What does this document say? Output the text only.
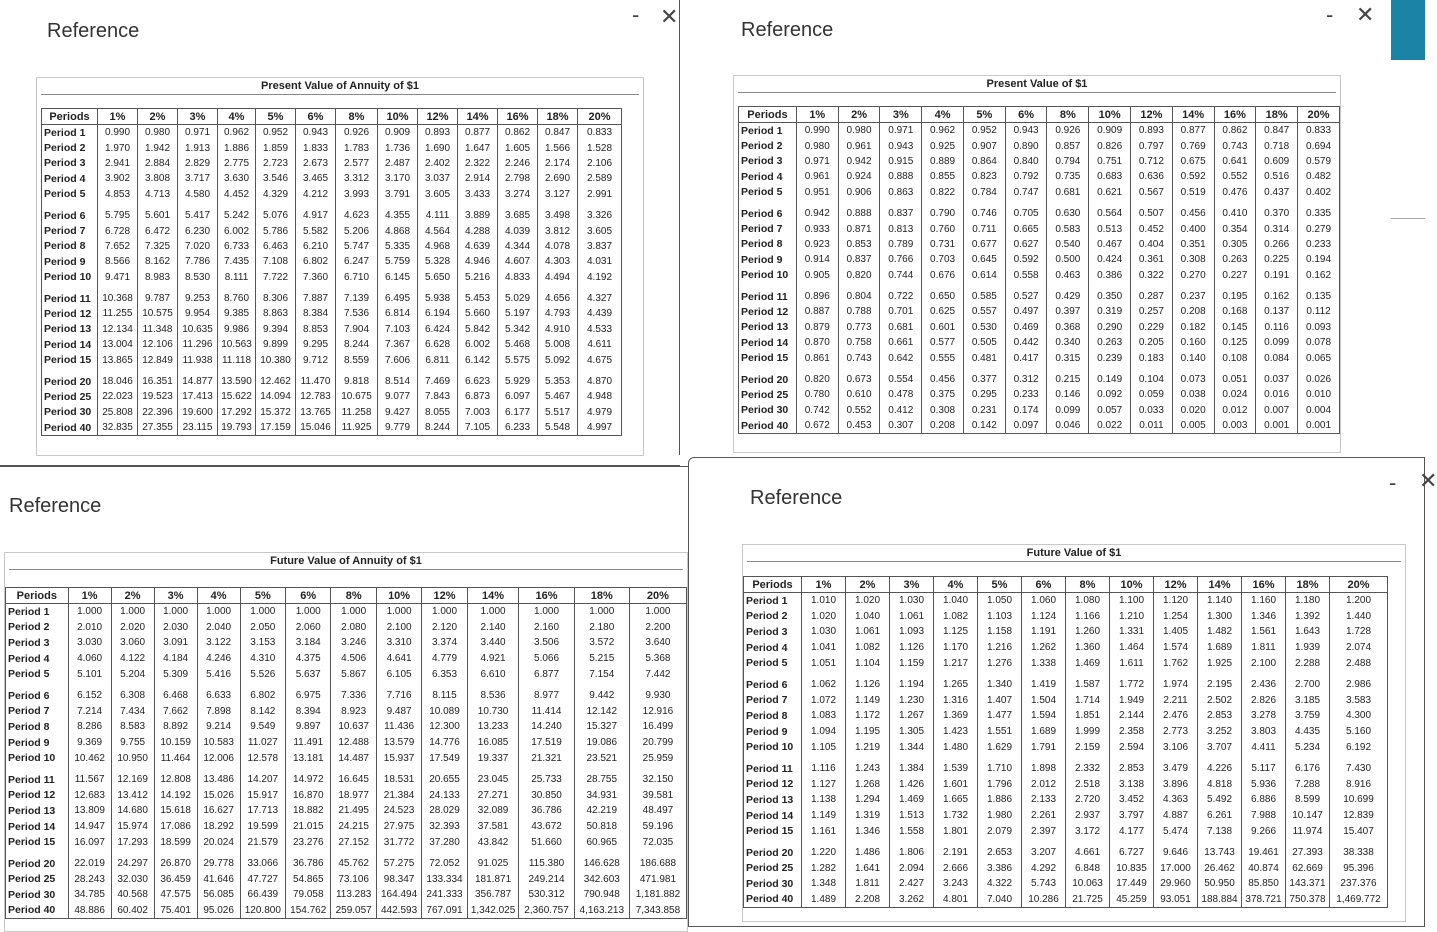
Reference
- ✕
Present Value of Annuity of $1
Periods	1%	2%	3%	4%	5%	6%	8%	10%	12%	14%	16%	18%	20%
Period 1	0.990	0.980	0.971	0.962	0.952	0.943	0.926	0.909	0.893	0.877	0.862	0.847	0.833
Period 2	1.970	1.942	1.913	1.886	1.859	1.833	1.783	1.736	1.690	1.647	1.605	1.566	1.528
Period 3	2.941	2.884	2.829	2.775	2.723	2.673	2.577	2.487	2.402	2.322	2.246	2.174	2.106
Period 4	3.902	3.808	3.717	3.630	3.546	3.465	3.312	3.170	3.037	2.914	2.798	2.690	2.589
Period 5	4.853	4.713	4.580	4.452	4.329	4.212	3.993	3.791	3.605	3.433	3.274	3.127	2.991
Period 6	5.795	5.601	5.417	5.242	5.076	4.917	4.623	4.355	4.111	3.889	3.685	3.498	3.326
Period 7	6.728	6.472	6.230	6.002	5.786	5.582	5.206	4.868	4.564	4.288	4.039	3.812	3.605
Period 8	7.652	7.325	7.020	6.733	6.463	6.210	5.747	5.335	4.968	4.639	4.344	4.078	3.837
Period 9	8.566	8.162	7.786	7.435	7.108	6.802	6.247	5.759	5.328	4.946	4.607	4.303	4.031
Period 10	9.471	8.983	8.530	8.111	7.722	7.360	6.710	6.145	5.650	5.216	4.833	4.494	4.192
Period 11	10.368	9.787	9.253	8.760	8.306	7.887	7.139	6.495	5.938	5.453	5.029	4.656	4.327
Period 12	11.255	10.575	9.954	9.385	8.863	8.384	7.536	6.814	6.194	5.660	5.197	4.793	4.439
Period 13	12.134	11.348	10.635	9.986	9.394	8.853	7.904	7.103	6.424	5.842	5.342	4.910	4.533
Period 14	13.004	12.106	11.296	10.563	9.899	9.295	8.244	7.367	6.628	6.002	5.468	5.008	4.611
Period 15	13.865	12.849	11.938	11.118	10.380	9.712	8.559	7.606	6.811	6.142	5.575	5.092	4.675
Period 20	18.046	16.351	14.877	13.590	12.462	11.470	9.818	8.514	7.469	6.623	5.929	5.353	4.870
Period 25	22.023	19.523	17.413	15.622	14.094	12.783	10.675	9.077	7.843	6.873	6.097	5.467	4.948
Period 30	25.808	22.396	19.600	17.292	15.372	13.765	11.258	9.427	8.055	7.003	6.177	5.517	4.979
Period 40	32.835	27.355	23.115	19.793	17.159	15.046	11.925	9.779	8.244	7.105	6.233	5.548	4.997
Reference
- ✕
Present Value of $1
Periods	1%	2%	3%	4%	5%	6%	8%	10%	12%	14%	16%	18%	20%
Period 1	0.990	0.980	0.971	0.962	0.952	0.943	0.926	0.909	0.893	0.877	0.862	0.847	0.833
Period 2	0.980	0.961	0.943	0.925	0.907	0.890	0.857	0.826	0.797	0.769	0.743	0.718	0.694
Period 3	0.971	0.942	0.915	0.889	0.864	0.840	0.794	0.751	0.712	0.675	0.641	0.609	0.579
Period 4	0.961	0.924	0.888	0.855	0.823	0.792	0.735	0.683	0.636	0.592	0.552	0.516	0.482
Period 5	0.951	0.906	0.863	0.822	0.784	0.747	0.681	0.621	0.567	0.519	0.476	0.437	0.402
Period 6	0.942	0.888	0.837	0.790	0.746	0.705	0.630	0.564	0.507	0.456	0.410	0.370	0.335
Period 7	0.933	0.871	0.813	0.760	0.711	0.665	0.583	0.513	0.452	0.400	0.354	0.314	0.279
Period 8	0.923	0.853	0.789	0.731	0.677	0.627	0.540	0.467	0.404	0.351	0.305	0.266	0.233
Period 9	0.914	0.837	0.766	0.703	0.645	0.592	0.500	0.424	0.361	0.308	0.263	0.225	0.194
Period 10	0.905	0.820	0.744	0.676	0.614	0.558	0.463	0.386	0.322	0.270	0.227	0.191	0.162
Period 11	0.896	0.804	0.722	0.650	0.585	0.527	0.429	0.350	0.287	0.237	0.195	0.162	0.135
Period 12	0.887	0.788	0.701	0.625	0.557	0.497	0.397	0.319	0.257	0.208	0.168	0.137	0.112
Period 13	0.879	0.773	0.681	0.601	0.530	0.469	0.368	0.290	0.229	0.182	0.145	0.116	0.093
Period 14	0.870	0.758	0.661	0.577	0.505	0.442	0.340	0.263	0.205	0.160	0.125	0.099	0.078
Period 15	0.861	0.743	0.642	0.555	0.481	0.417	0.315	0.239	0.183	0.140	0.108	0.084	0.065
Period 20	0.820	0.673	0.554	0.456	0.377	0.312	0.215	0.149	0.104	0.073	0.051	0.037	0.026
Period 25	0.780	0.610	0.478	0.375	0.295	0.233	0.146	0.092	0.059	0.038	0.024	0.016	0.010
Period 30	0.742	0.552	0.412	0.308	0.231	0.174	0.099	0.057	0.033	0.020	0.012	0.007	0.004
Period 40	0.672	0.453	0.307	0.208	0.142	0.097	0.046	0.022	0.011	0.005	0.003	0.001	0.001
Reference
Future Value of Annuity of $1
Periods	1%	2%	3%	4%	5%	6%	8%	10%	12%	14%	16%	18%	20%
Period 1	1.000	1.000	1.000	1.000	1.000	1.000	1.000	1.000	1.000	1.000	1.000	1.000	1.000
Period 2	2.010	2.020	2.030	2.040	2.050	2.060	2.080	2.100	2.120	2.140	2.160	2.180	2.200
Period 3	3.030	3.060	3.091	3.122	3.153	3.184	3.246	3.310	3.374	3.440	3.506	3.572	3.640
Period 4	4.060	4.122	4.184	4.246	4.310	4.375	4.506	4.641	4.779	4.921	5.066	5.215	5.368
Period 5	5.101	5.204	5.309	5.416	5.526	5.637	5.867	6.105	6.353	6.610	6.877	7.154	7.442
Period 6	6.152	6.308	6.468	6.633	6.802	6.975	7.336	7.716	8.115	8.536	8.977	9.442	9.930
Period 7	7.214	7.434	7.662	7.898	8.142	8.394	8.923	9.487	10.089	10.730	11.414	12.142	12.916
Period 8	8.286	8.583	8.892	9.214	9.549	9.897	10.637	11.436	12.300	13.233	14.240	15.327	16.499
Period 9	9.369	9.755	10.159	10.583	11.027	11.491	12.488	13.579	14.776	16.085	17.519	19.086	20.799
Period 10	10.462	10.950	11.464	12.006	12.578	13.181	14.487	15.937	17.549	19.337	21.321	23.521	25.959
Period 11	11.567	12.169	12.808	13.486	14.207	14.972	16.645	18.531	20.655	23.045	25.733	28.755	32.150
Period 12	12.683	13.412	14.192	15.026	15.917	16.870	18.977	21.384	24.133	27.271	30.850	34.931	39.581
Period 13	13.809	14.680	15.618	16.627	17.713	18.882	21.495	24.523	28.029	32.089	36.786	42.219	48.497
Period 14	14.947	15.974	17.086	18.292	19.599	21.015	24.215	27.975	32.393	37.581	43.672	50.818	59.196
Period 15	16.097	17.293	18.599	20.024	21.579	23.276	27.152	31.772	37.280	43.842	51.660	60.965	72.035
Period 20	22.019	24.297	26.870	29.778	33.066	36.786	45.762	57.275	72.052	91.025	115.380	146.628	186.688
Period 25	28.243	32.030	36.459	41.646	47.727	54.865	73.106	98.347	133.334	181.871	249.214	342.603	471.981
Period 30	34.785	40.568	47.575	56.085	66.439	79.058	113.283	164.494	241.333	356.787	530.312	790.948	1,181.882
Period 40	48.886	60.402	75.401	95.026	120.800	154.762	259.057	442.593	767.091	1,342.025	2,360.757	4,163.213	7,343.858
Reference
- ✕
Future Value of $1
Periods	1%	2%	3%	4%	5%	6%	8%	10%	12%	14%	16%	18%	20%
Period 1	1.010	1.020	1.030	1.040	1.050	1.060	1.080	1.100	1.120	1.140	1.160	1.180	1.200
Period 2	1.020	1.040	1.061	1.082	1.103	1.124	1.166	1.210	1.254	1.300	1.346	1.392	1.440
Period 3	1.030	1.061	1.093	1.125	1.158	1.191	1.260	1.331	1.405	1.482	1.561	1.643	1.728
Period 4	1.041	1.082	1.126	1.170	1.216	1.262	1.360	1.464	1.574	1.689	1.811	1.939	2.074
Period 5	1.051	1.104	1.159	1.217	1.276	1.338	1.469	1.611	1.762	1.925	2.100	2.288	2.488
Period 6	1.062	1.126	1.194	1.265	1.340	1.419	1.587	1.772	1.974	2.195	2.436	2.700	2.986
Period 7	1.072	1.149	1.230	1.316	1.407	1.504	1.714	1.949	2.211	2.502	2.826	3.185	3.583
Period 8	1.083	1.172	1.267	1.369	1.477	1.594	1.851	2.144	2.476	2.853	3.278	3.759	4.300
Period 9	1.094	1.195	1.305	1.423	1.551	1.689	1.999	2.358	2.773	3.252	3.803	4.435	5.160
Period 10	1.105	1.219	1.344	1.480	1.629	1.791	2.159	2.594	3.106	3.707	4.411	5.234	6.192
Period 11	1.116	1.243	1.384	1.539	1.710	1.898	2.332	2.853	3.479	4.226	5.117	6.176	7.430
Period 12	1.127	1.268	1.426	1.601	1.796	2.012	2.518	3.138	3.896	4.818	5.936	7.288	8.916
Period 13	1.138	1.294	1.469	1.665	1.886	2.133	2.720	3.452	4.363	5.492	6.886	8.599	10.699
Period 14	1.149	1.319	1.513	1.732	1.980	2.261	2.937	3.797	4.887	6.261	7.988	10.147	12.839
Period 15	1.161	1.346	1.558	1.801	2.079	2.397	3.172	4.177	5.474	7.138	9.266	11.974	15.407
Period 20	1.220	1.486	1.806	2.191	2.653	3.207	4.661	6.727	9.646	13.743	19.461	27.393	38.338
Period 25	1.282	1.641	2.094	2.666	3.386	4.292	6.848	10.835	17.000	26.462	40.874	62.669	95.396
Period 30	1.348	1.811	2.427	3.243	4.322	5.743	10.063	17.449	29.960	50.950	85.850	143.371	237.376
Period 40	1.489	2.208	3.262	4.801	7.040	10.286	21.725	45.259	93.051	188.884	378.721	750.378	1,469.772
